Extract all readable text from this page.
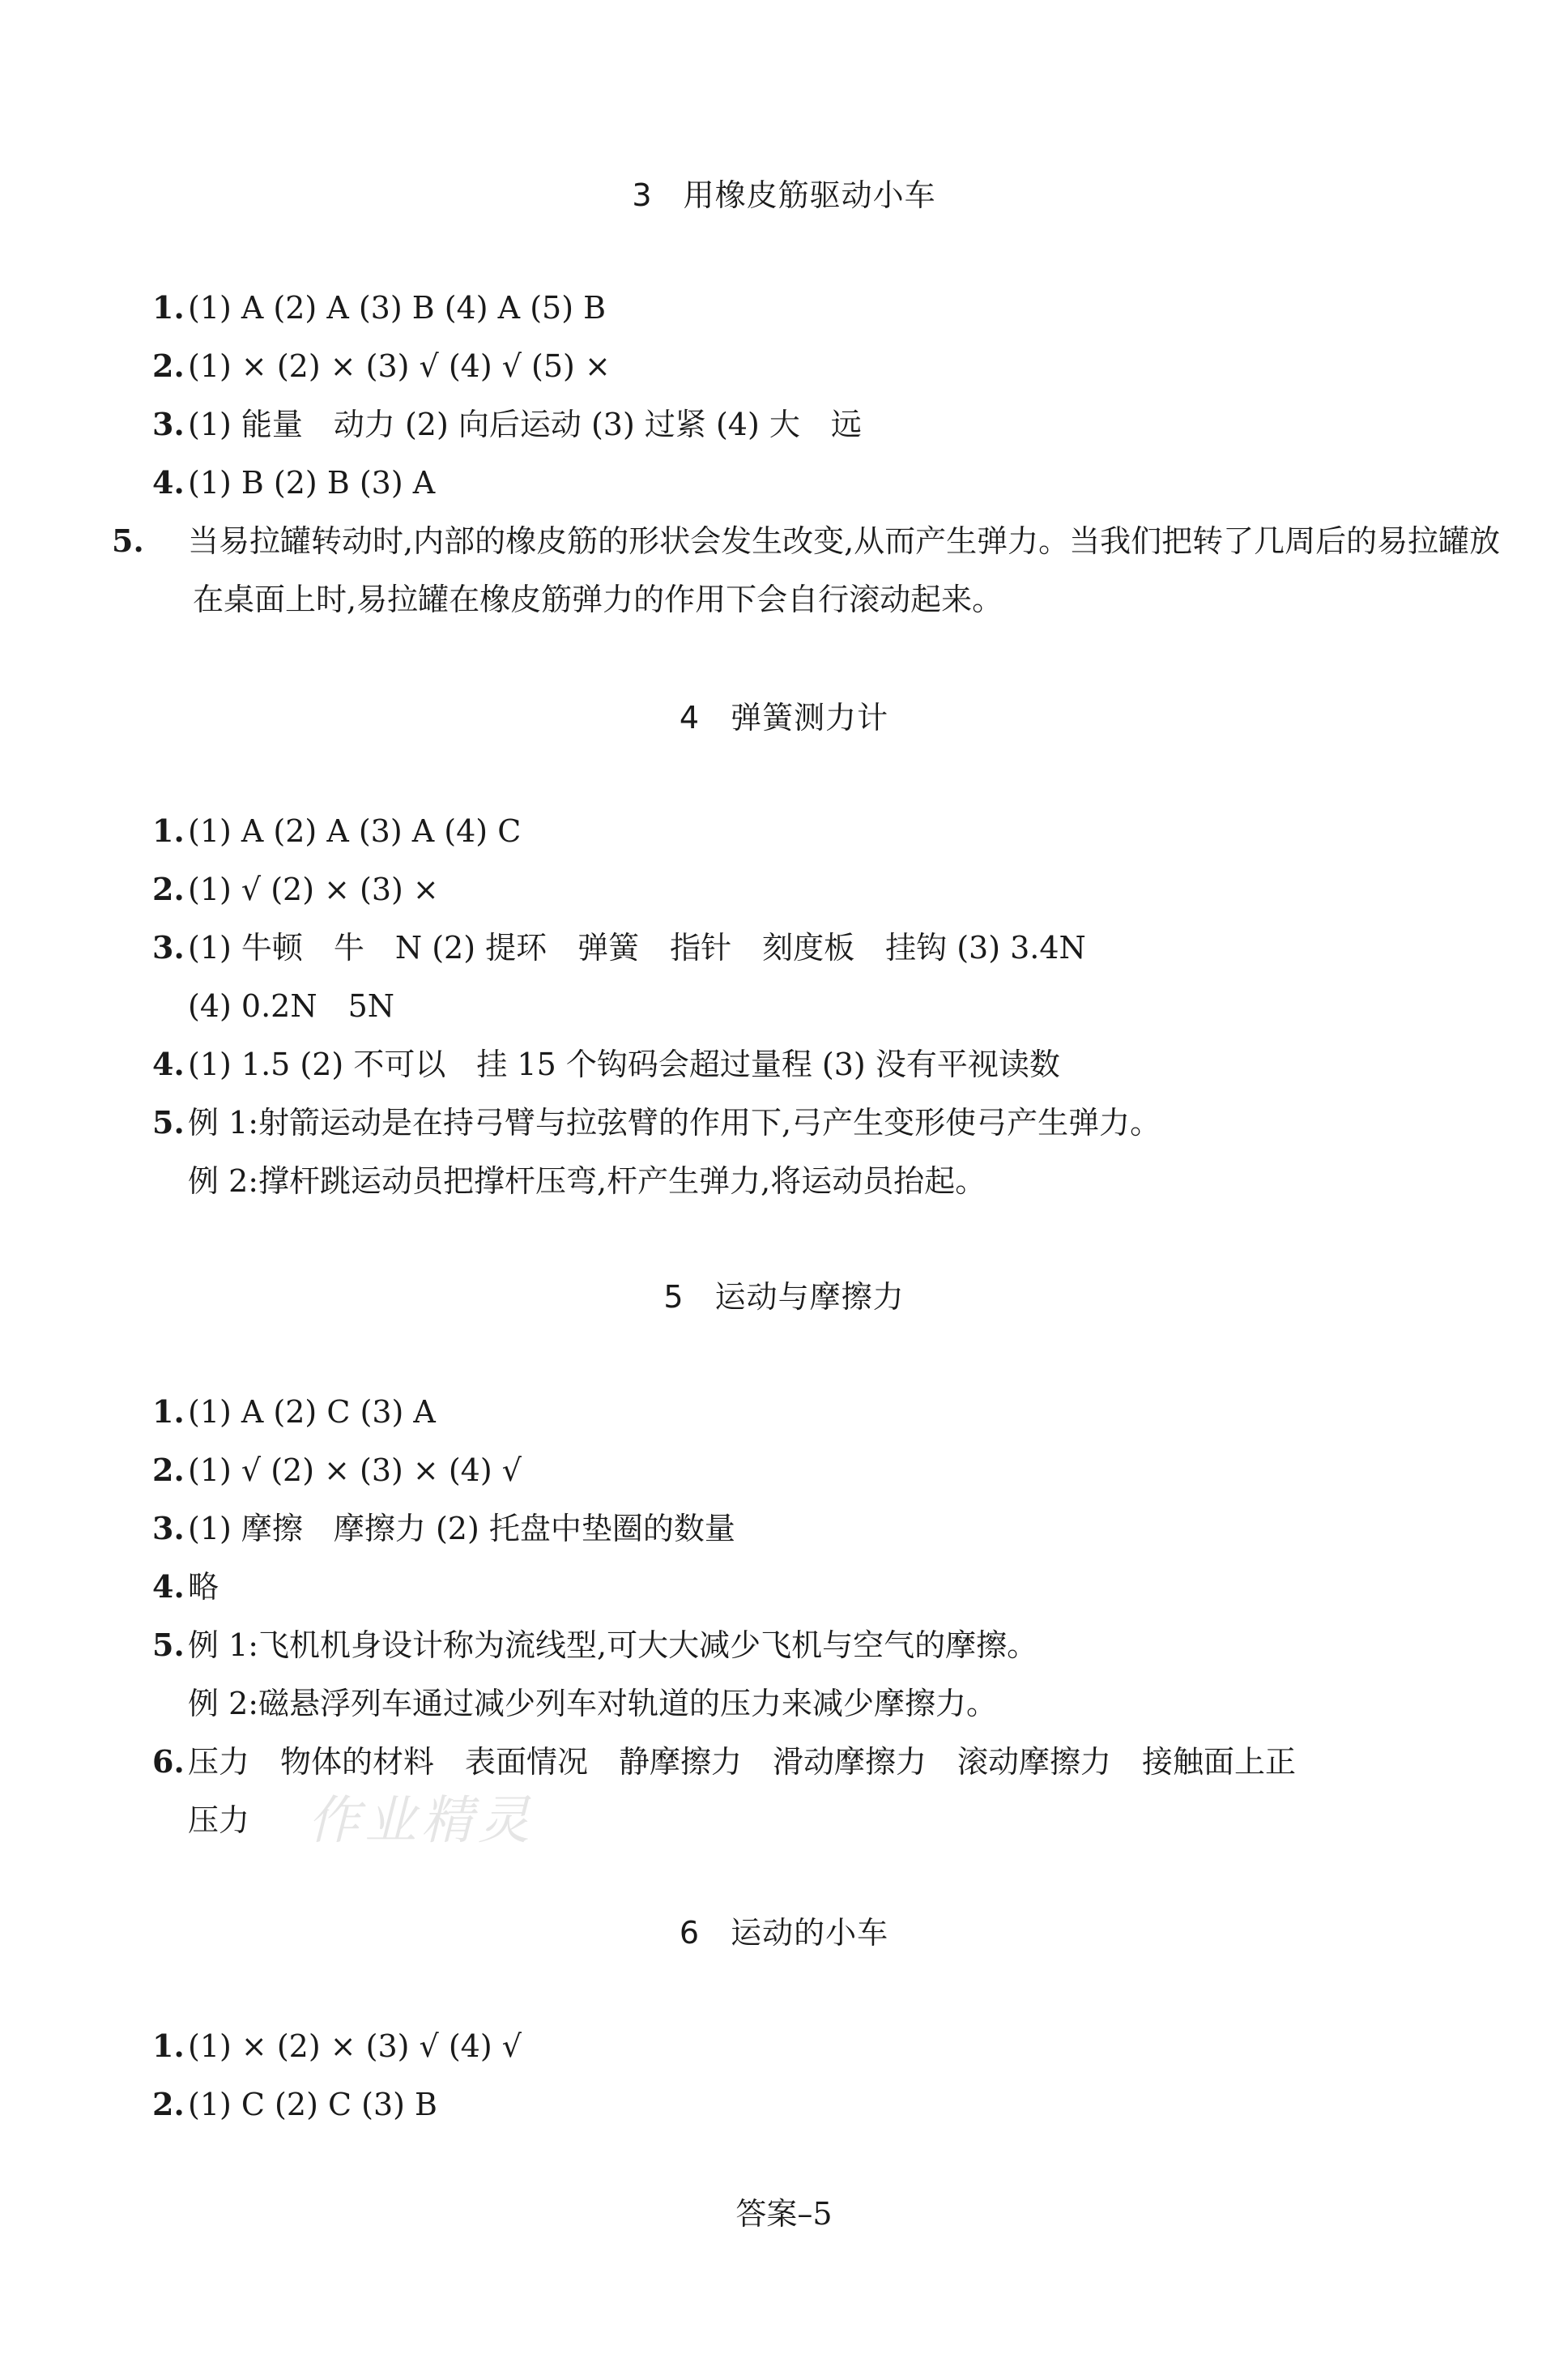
3 用橡皮筋驱动小车
1. (1) A (2) A (3) B (4) A (5) B
2. (1) × (2) × (3) √ (4) √ (5) ×
3. (1) 能量　动力 (2) 向后运动 (3) 过紧 (4) 大　远
4. (1) B (2) B (3) A
5. 当易拉罐转动时,内部的橡皮筋的形状会发生改变,从而产生弹力。当我们把转了几周后的易拉罐放在桌面上时,易拉罐在橡皮筋弹力的作用下会自行滚动起来。
4 弹簧测力计
1. (1) A (2) A (3) A (4) C
2. (1) √ (2) × (3) ×
3. (1) 牛顿　牛　N (2) 提环　弹簧　指针　刻度板　挂钩 (3) 3.4N
(4) 0.2N　5N
4. (1) 1.5 (2) 不可以　挂 15 个钩码会超过量程 (3) 没有平视读数
5. 例 1:射箭运动是在持弓臂与拉弦臂的作用下,弓产生变形使弓产生弹力。
例 2:撑杆跳运动员把撑杆压弯,杆产生弹力,将运动员抬起。
5 运动与摩擦力
1. (1) A (2) C (3) A
2. (1) √ (2) × (3) × (4) √
3. (1) 摩擦　摩擦力 (2) 托盘中垫圈的数量
4. 略
5. 例 1:飞机机身设计称为流线型,可大大减少飞机与空气的摩擦。
例 2:磁悬浮列车通过减少列车对轨道的压力来减少摩擦力。
6. 压力　物体的材料　表面情况　静摩擦力　滑动摩擦力　滚动摩擦力　接触面上正
压力 作业精灵
6 运动的小车
1. (1) × (2) × (3) √ (4) √
2. (1) C (2) C (3) B
答案–5
